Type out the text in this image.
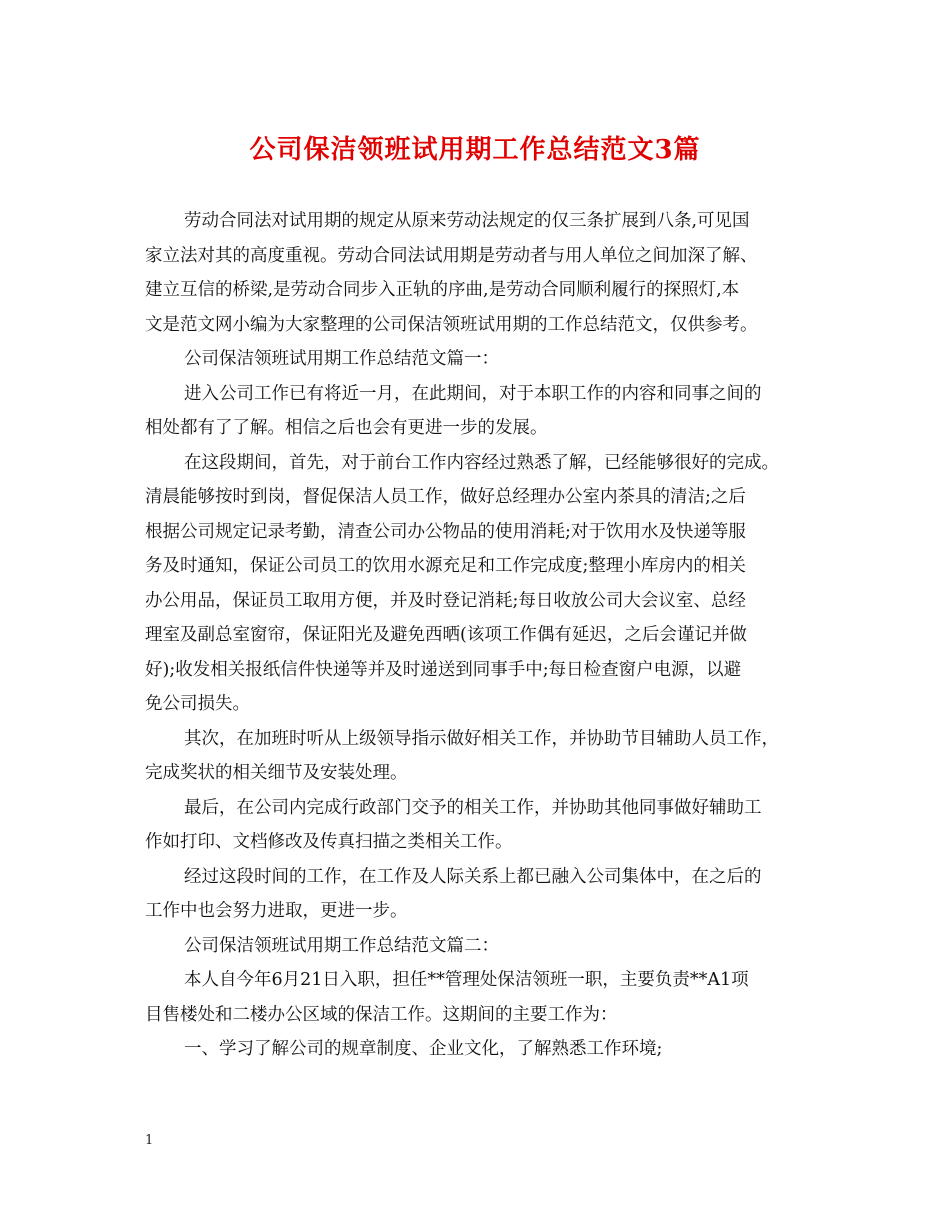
公司保洁领班试用期工作总结范文3篇
劳动合同法对试用期的规定从原来劳动法规定的仅三条扩展到八条,可见国
家立法对其的高度重视。劳动合同法试用期是劳动者与用人单位之间加深了解、
建立互信的桥梁,是劳动合同步入正轨的序曲,是劳动合同顺利履行的探照灯,本
文是范文网小编为大家整理的公司保洁领班试用期的工作总结范文，仅供参考。
公司保洁领班试用期工作总结范文篇一：
进入公司工作已有将近一月，在此期间，对于本职工作的内容和同事之间的
相处都有了了解。相信之后也会有更进一步的发展。
在这段期间，首先，对于前台工作内容经过熟悉了解，已经能够很好的完成。
清晨能够按时到岗，督促保洁人员工作，做好总经理办公室内茶具的清洁;之后
根据公司规定记录考勤，清查公司办公物品的使用消耗;对于饮用水及快递等服
务及时通知，保证公司员工的饮用水源充足和工作完成度;整理小库房内的相关
办公用品，保证员工取用方便，并及时登记消耗;每日收放公司大会议室、总经
理室及副总室窗帘，保证阳光及避免西晒(该项工作偶有延迟，之后会谨记并做
好);收发相关报纸信件快递等并及时递送到同事手中;每日检查窗户电源，以避
免公司损失。
其次，在加班时听从上级领导指示做好相关工作，并协助节目辅助人员工作，
完成奖状的相关细节及安装处理。
最后，在公司内完成行政部门交予的相关工作，并协助其他同事做好辅助工
作如打印、文档修改及传真扫描之类相关工作。
经过这段时间的工作，在工作及人际关系上都已融入公司集体中，在之后的
工作中也会努力进取，更进一步。
公司保洁领班试用期工作总结范文篇二：
本人自今年6月21日入职，担任**管理处保洁领班一职，主要负责**A1项
目售楼处和二楼办公区域的保洁工作。这期间的主要工作为：
一、学习了解公司的规章制度、企业文化，了解熟悉工作环境;
1
